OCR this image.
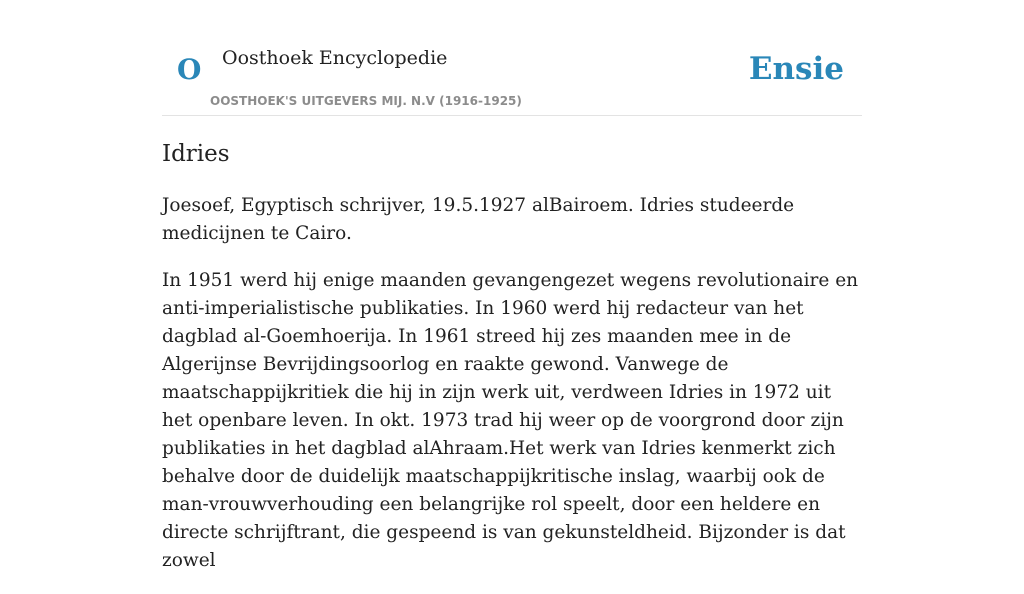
O Oosthoek Encyclopedie
OOSTHOEK'S UITGEVERS MIJ. N.V (1916-1925)
Ensie
Idries

Joesoef, Egyptisch schrijver, 19.5.1927 alBairoem. Idries studeerde medicijnen te Cairo.

In 1951 werd hij enige maanden gevangengezet wegens revolutionaire en anti-imperialistische publikaties. In 1960 werd hij redacteur van het dagblad al-Goemhoerija. In 1961 streed hij zes maanden mee in de Algerijnse Bevrijdingsoorlog en raakte gewond. Vanwege de maatschappijkritiek die hij in zijn werk uit, verdween Idries in 1972 uit het openbare leven. In okt. 1973 trad hij weer op de voorgrond door zijn publikaties in het dagblad alAhraam.Het werk van Idries kenmerkt zich behalve door de duidelijk maatschappijkritische inslag, waarbij ook de man-vrouwverhouding een belangrijke rol speelt, door een heldere en directe schrijftrant, die gespeend is van gekunsteldheid. Bijzonder is dat zowel
